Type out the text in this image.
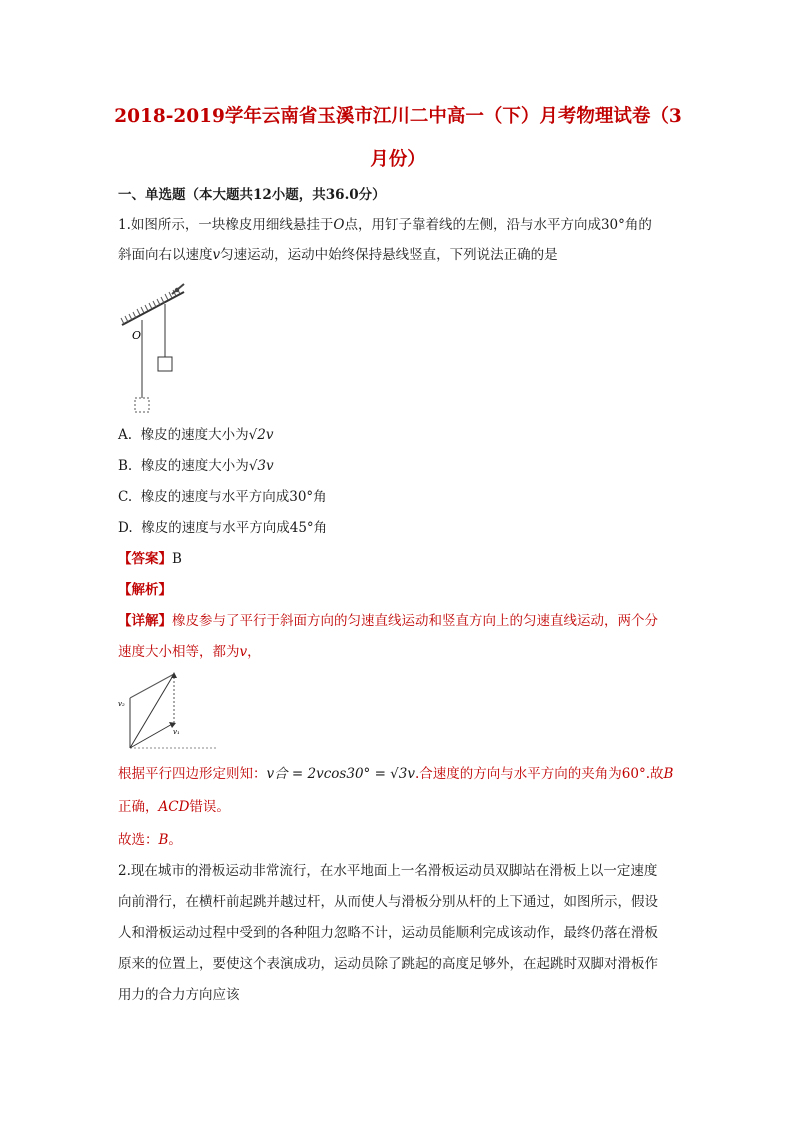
2018-2019学年云南省玉溪市江川二中高一（下）月考物理试卷（3
月份）
一、单选题（本大题共12小题，共36.0分）
1.如图所示，一块橡皮用细线悬挂于O点，用钉子靠着线的左侧，沿与水平方向成30°角的
斜面向右以速度v匀速运动，运动中始终保持悬线竖直，下列说法正确的是
O
A. 橡皮的速度大小为√2v
B. 橡皮的速度大小为√3v
C. 橡皮的速度与水平方向成30°角
D. 橡皮的速度与水平方向成45°角
【答案】B
【解析】
【详解】橡皮参与了平行于斜面方向的匀速直线运动和竖直方向上的匀速直线运动，两个分
速度大小相等，都为v，
v₂
v₁
根据平行四边形定则知：v合 = 2vcos30° = √3v.合速度的方向与水平方向的夹角为60°.故B
正确，ACD错误。
故选：B。
2.现在城市的滑板运动非常流行，在水平地面上一名滑板运动员双脚站在滑板上以一定速度
向前滑行，在横杆前起跳并越过杆，从而使人与滑板分别从杆的上下通过，如图所示，假设
人和滑板运动过程中受到的各种阻力忽略不计，运动员能顺利完成该动作，最终仍落在滑板
原来的位置上，要使这个表演成功，运动员除了跳起的高度足够外，在起跳时双脚对滑板作
用力的合力方向应该
